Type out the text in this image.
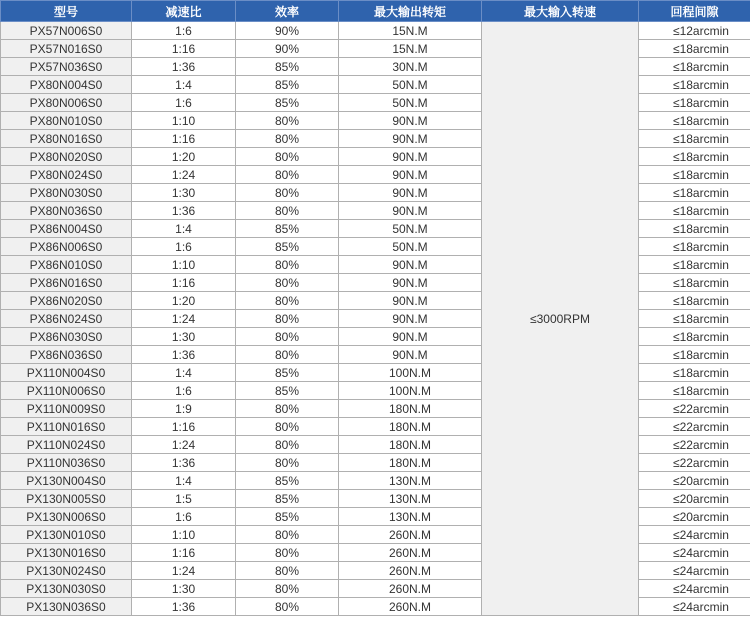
型号	减速比	效率	最大输出转矩	最大输入转速	回程间隙
PX57N006S0	1:6	90%	15N.M	≤3000RPM	≤12arcmin
PX57N016S0	1:16	90%	15N.M		≤18arcmin
PX57N036S0	1:36	85%	30N.M		≤18arcmin
PX80N004S0	1:4	85%	50N.M		≤18arcmin
PX80N006S0	1:6	85%	50N.M		≤18arcmin
PX80N010S0	1:10	80%	90N.M		≤18arcmin
PX80N016S0	1:16	80%	90N.M		≤18arcmin
PX80N020S0	1:20	80%	90N.M		≤18arcmin
PX80N024S0	1:24	80%	90N.M		≤18arcmin
PX80N030S0	1:30	80%	90N.M		≤18arcmin
PX80N036S0	1:36	80%	90N.M		≤18arcmin
PX86N004S0	1:4	85%	50N.M		≤18arcmin
PX86N006S0	1:6	85%	50N.M		≤18arcmin
PX86N010S0	1:10	80%	90N.M		≤18arcmin
PX86N016S0	1:16	80%	90N.M		≤18arcmin
PX86N020S0	1:20	80%	90N.M		≤18arcmin
PX86N024S0	1:24	80%	90N.M		≤18arcmin
PX86N030S0	1:30	80%	90N.M		≤18arcmin
PX86N036S0	1:36	80%	90N.M		≤18arcmin
PX110N004S0	1:4	85%	100N.M		≤18arcmin
PX110N006S0	1:6	85%	100N.M		≤18arcmin
PX110N009S0	1:9	80%	180N.M		≤22arcmin
PX110N016S0	1:16	80%	180N.M		≤22arcmin
PX110N024S0	1:24	80%	180N.M		≤22arcmin
PX110N036S0	1:36	80%	180N.M		≤22arcmin
PX130N004S0	1:4	85%	130N.M		≤20arcmin
PX130N005S0	1:5	85%	130N.M		≤20arcmin
PX130N006S0	1:6	85%	130N.M		≤20arcmin
PX130N010S0	1:10	80%	260N.M		≤24arcmin
PX130N016S0	1:16	80%	260N.M		≤24arcmin
PX130N024S0	1:24	80%	260N.M		≤24arcmin
PX130N030S0	1:30	80%	260N.M		≤24arcmin
PX130N036S0	1:36	80%	260N.M		≤24arcmin
